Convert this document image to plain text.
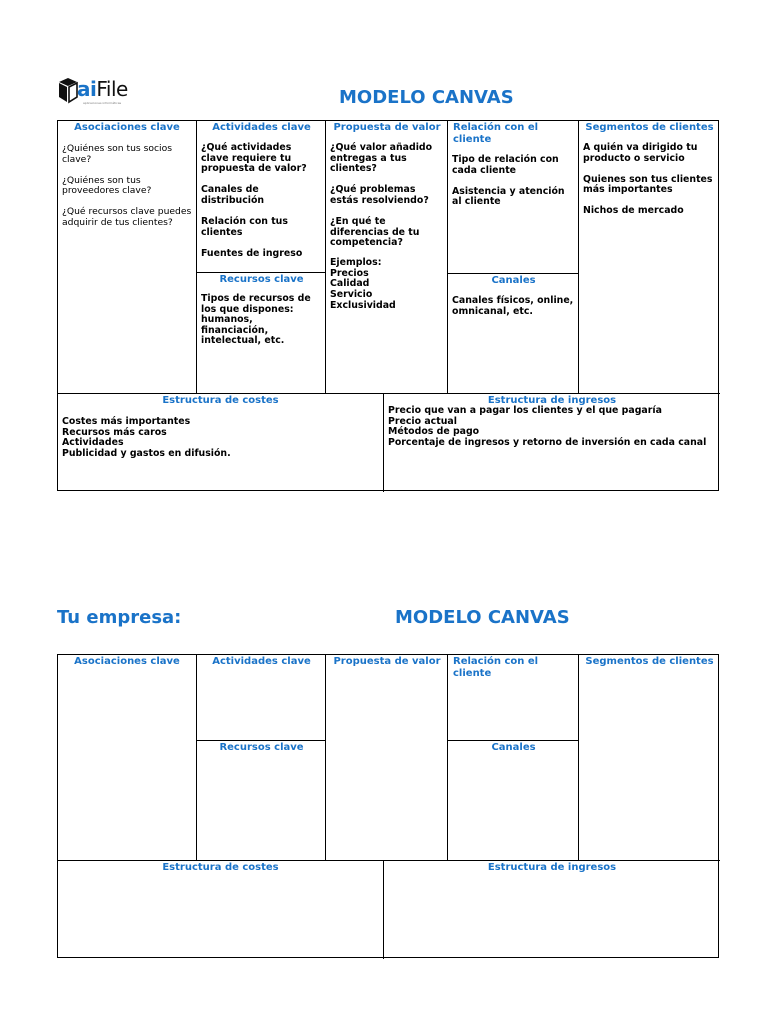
aiFile
aplicaciones informáticas	MODELO CANVAS
Asociaciones clave

¿Quiénes son tus socios clave?

¿Quiénes son tus proveedores clave?

¿Qué recursos clave puedes adquirir de tus clientes?

Actividades clave

¿Qué actividades clave requiere tu propuesta de valor?

Canales de distribución

Relación con tus clientes

Fuentes de ingreso

Recursos clave

Tipos de recursos de los que dispones: humanos, financiación, intelectual, etc.

Propuesta de valor

¿Qué valor añadido entregas a tus clientes?

¿Qué problemas estás resolviendo?

¿En qué te diferencias de tu competencia?

Ejemplos:

Precios

Calidad

Servicio

Exclusividad

Relación con el cliente

Tipo de relación con cada cliente

Asistencia y atención al cliente

Canales

Canales físicos, online, omnicanal, etc.

Segmentos de clientes

A quién va dirigido tu producto o servicio

Quienes son tus clientes más importantes

Nichos de mercado

Estructura de costes

Costes más importantes

Recursos más caros

Actividades

Publicidad y gastos en difusión.

Estructura de ingresos

Precio que van a pagar los clientes y el que pagaría

Precio actual

Métodos de pago

Porcentaje de ingresos y retorno de inversión en cada canal

Tu empresa:	MODELO CANVAS
Asociaciones clave	Actividades clave
Recursos clave
Propuesta de valor	Relación con el cliente
Canales
Segmentos de clientes
Estructura de costes	Estructura de ingresos
